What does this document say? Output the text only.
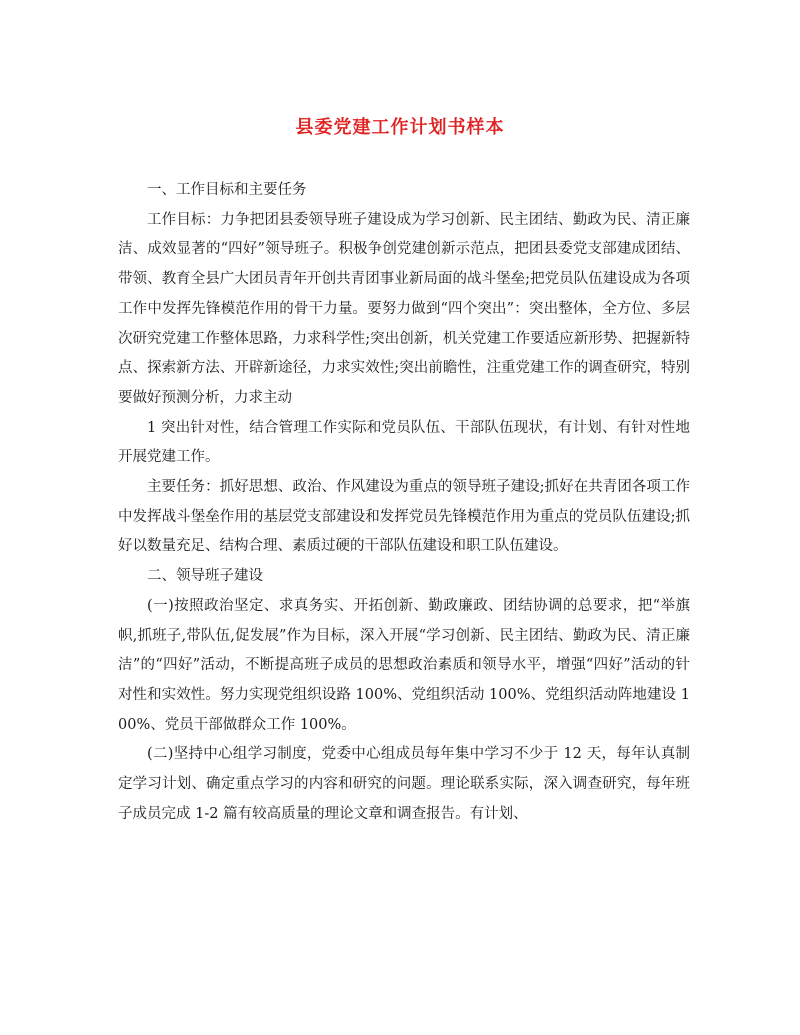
县委党建工作计划书样本

一、工作目标和主要任务

工作目标：力争把团县委领导班子建设成为学习创新、民主团结、勤政为民、清正廉洁、成效显著的“四好”领导班子。积极争创党建创新示范点，把团县委党支部建成团结、带领、教育全县广大团员青年开创共青团事业新局面的战斗堡垒;把党员队伍建设成为各项工作中发挥先锋模范作用的骨干力量。要努力做到“四个突出”：突出整体，全方位、多层次研究党建工作整体思路，力求科学性;突出创新，机关党建工作要适应新形势、把握新特点、探索新方法、开辟新途径，力求实效性;突出前瞻性，注重党建工作的调查研究，特别要做好预测分析，力求主动

1 突出针对性，结合管理工作实际和党员队伍、干部队伍现状，有计划、有针对性地开展党建工作。

主要任务：抓好思想、政治、作风建设为重点的领导班子建设;抓好在共青团各项工作中发挥战斗堡垒作用的基层党支部建设和发挥党员先锋模范作用为重点的党员队伍建设;抓好以数量充足、结构合理、素质过硬的干部队伍建设和职工队伍建设。

二、领导班子建设

(一)按照政治坚定、求真务实、开拓创新、勤政廉政、团结协调的总要求，把“举旗帜,抓班子,带队伍,促发展”作为目标，深入开展“学习创新、民主团结、勤政为民、清正廉洁”的“四好”活动，不断提高班子成员的思想政治素质和领导水平，增强“四好”活动的针对性和实效性。努力实现党组织设路 100%、党组织活动 100%、党组织活动阵地建设 100%、党员干部做群众工作 100%。

(二)坚持中心组学习制度，党委中心组成员每年集中学习不少于 12 天，每年认真制定学习计划、确定重点学习的内容和研究的问题。理论联系实际，深入调查研究，每年班子成员完成 1-2 篇有较高质量的理论文章和调查报告。有计划、
